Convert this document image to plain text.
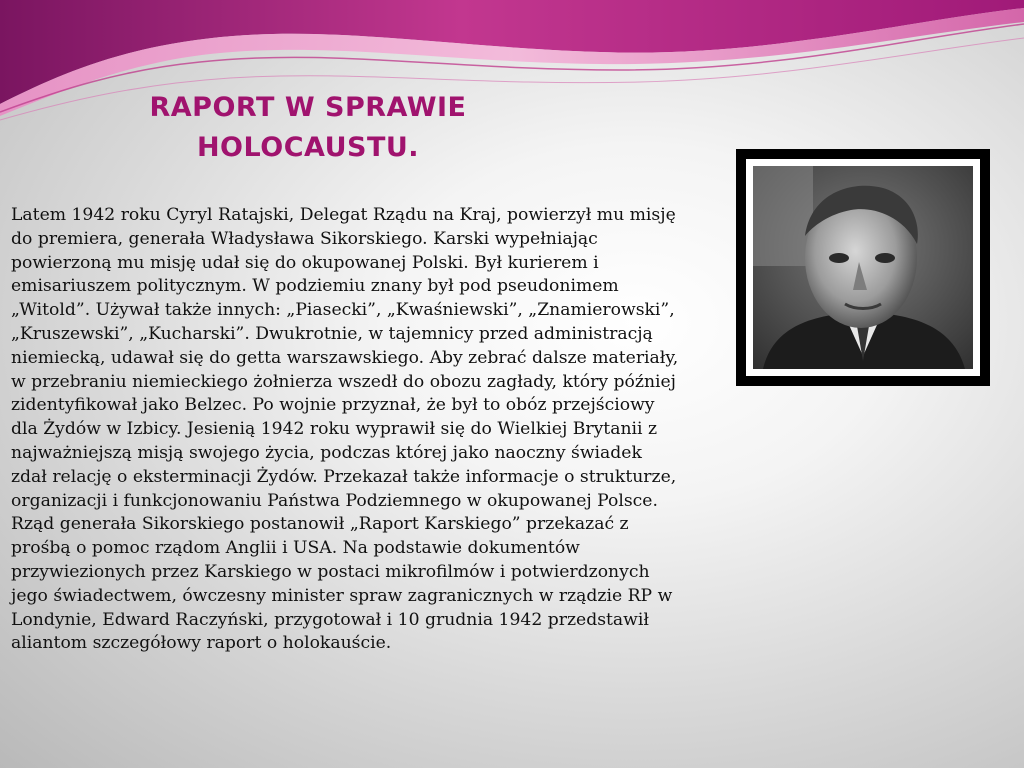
RAPORT W SPRAWIE
HOLOCAUSTU.

Latem 1942 roku Cyryl Ratajski, Delegat Rządu na Kraj, powierzył mu misję do premiera, generała Władysława Sikorskiego. Karski wypełniając powierzoną mu misję udał się do okupowanej Polski. Był kurierem i emisariuszem politycznym. W podziemiu znany był pod pseudonimem „Witold”. Używał także innych: „Piasecki”, „Kwaśniewski”, „Znamierowski”, „Kruszewski”, „Kucharski”. Dwukrotnie, w tajemnicy przed administracją niemiecką, udawał się do getta warszawskiego. Aby zebrać dalsze materiały, w przebraniu niemieckiego żołnierza wszedł do obozu zagłady, który później zidentyfikował jako Belzec. Po wojnie przyznał, że był to obóz przejściowy dla Żydów w Izbicy. Jesienią 1942 roku wyprawił się do Wielkiej Brytanii z najważniejszą misją swojego życia, podczas której jako naoczny świadek zdał relację o eksterminacji Żydów. Przekazał także informacje o strukturze, organizacji i funkcjonowaniu Państwa Podziemnego w okupowanej Polsce. Rząd generała Sikorskiego postanowił „Raport Karskiego” przekazać z prośbą o pomoc rządom Anglii i USA. Na podstawie dokumentów przywiezionych przez Karskiego w postaci mikrofilmów i potwierdzonych jego świadectwem, ówczesny minister spraw zagranicznych w rządzie RP w Londynie, Edward Raczyński, przygotował i 10 grudnia 1942 przedstawił aliantom szczegółowy raport o holokauście.
